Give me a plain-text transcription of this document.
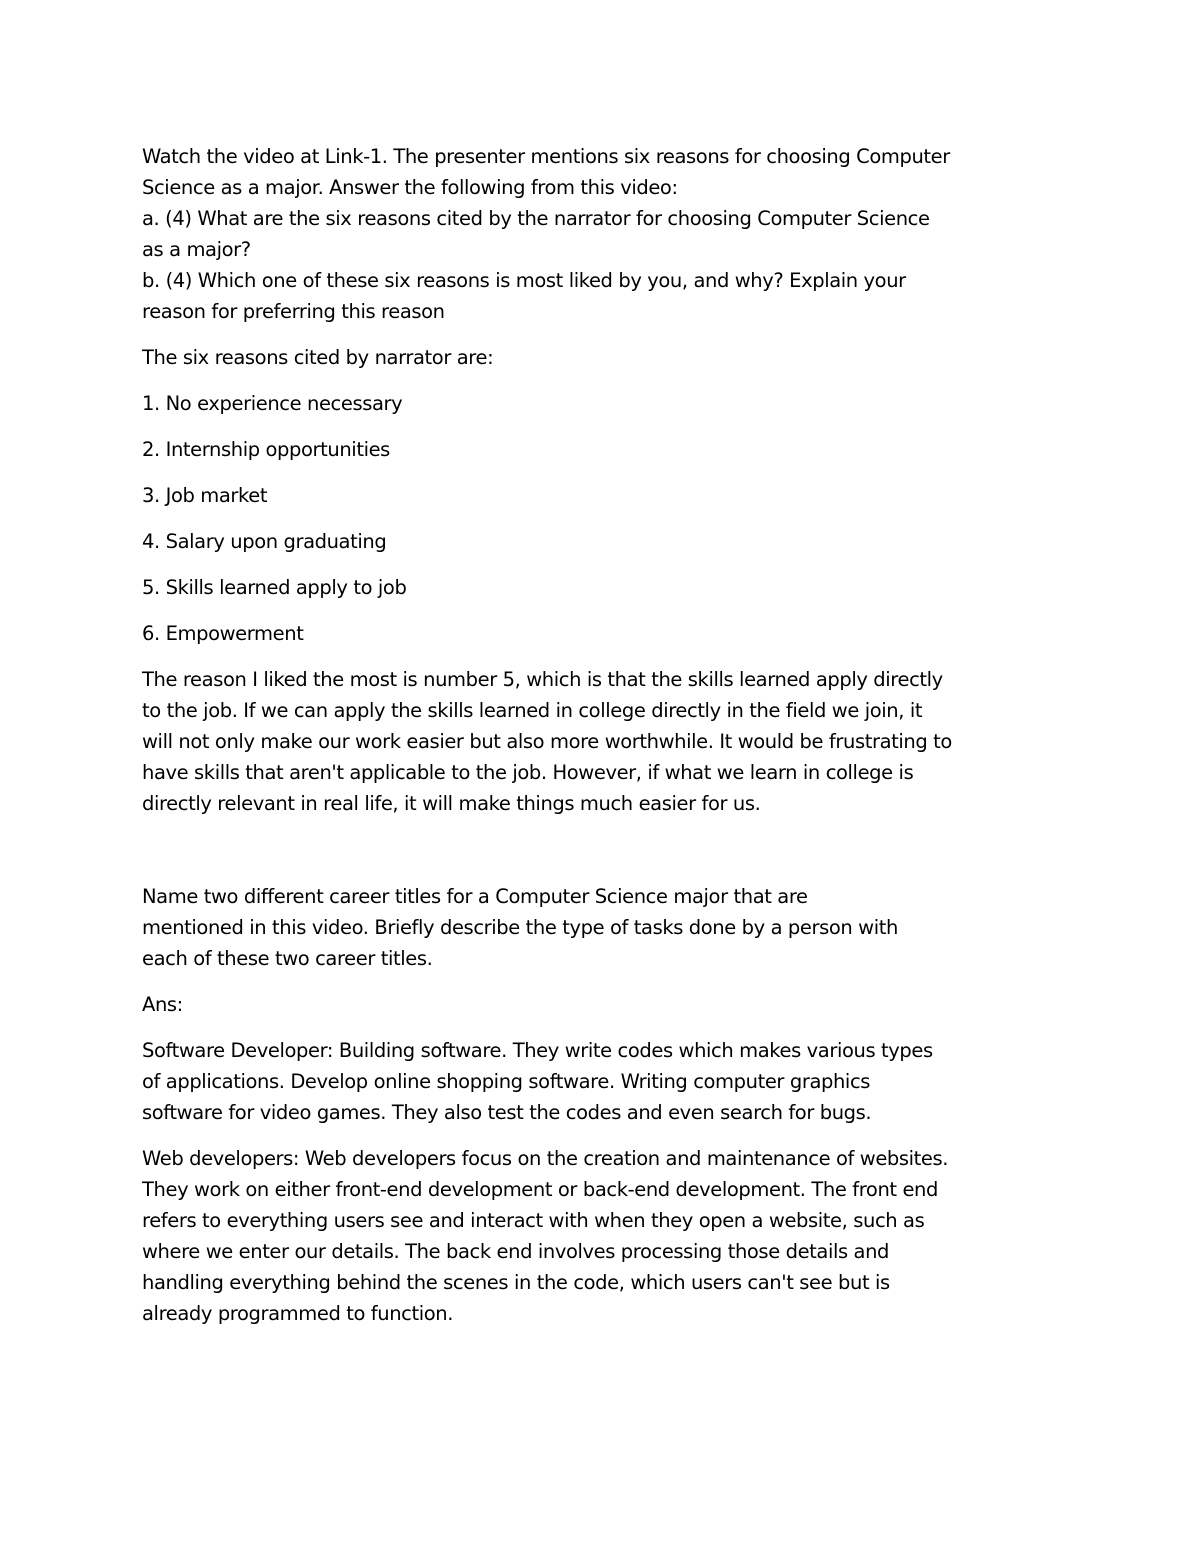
Watch the video at Link-1. The presenter mentions six reasons for choosing Computer
Science as a major. Answer the following from this video:
a. (4) What are the six reasons cited by the narrator for choosing Computer Science
as a major?
b. (4) Which one of these six reasons is most liked by you, and why? Explain your
reason for preferring this reason
The six reasons cited by narrator are:
1. No experience necessary
2. Internship opportunities
3. Job market
4. Salary upon graduating
5. Skills learned apply to job
6. Empowerment
The reason I liked the most is number 5, which is that the skills learned apply directly
to the job. If we can apply the skills learned in college directly in the field we join, it
will not only make our work easier but also more worthwhile. It would be frustrating to
have skills that aren't applicable to the job. However, if what we learn in college is
directly relevant in real life, it will make things much easier for us.
Name two different career titles for a Computer Science major that are
mentioned in this video. Briefly describe the type of tasks done by a person with
each of these two career titles.
Ans:
Software Developer: Building software. They write codes which makes various types
of applications. Develop online shopping software. Writing computer graphics
software for video games. They also test the codes and even search for bugs.
Web developers: Web developers focus on the creation and maintenance of websites.
They work on either front-end development or back-end development. The front end
refers to everything users see and interact with when they open a website, such as
where we enter our details. The back end involves processing those details and
handling everything behind the scenes in the code, which users can't see but is
already programmed to function.
